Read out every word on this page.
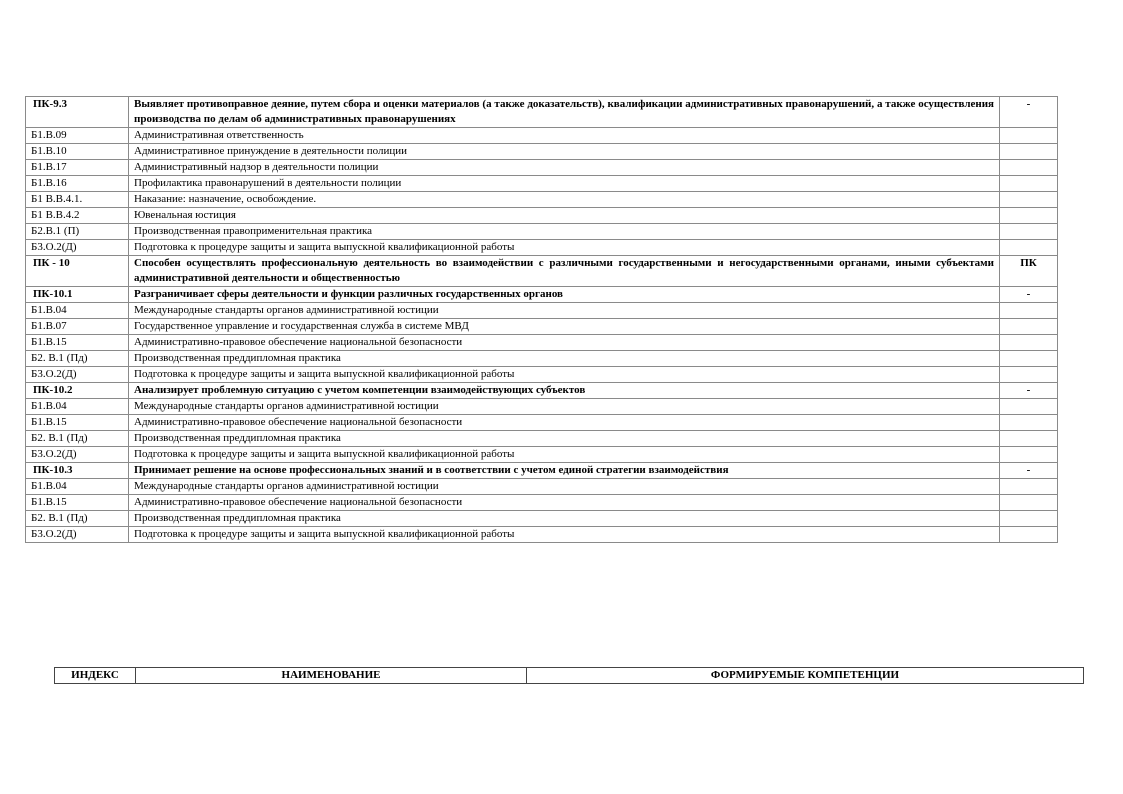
ПК-9.3	Выявляет противоправное деяние, путем сбора и оценки материалов (а также доказательств), квалификации административных правонарушений, а также осуществления производства по делам об административных правонарушениях	-
Б1.В.09	Административная ответственность	
Б1.В.10	Административное принуждение в деятельности полиции	
Б1.В.17	Административный надзор в деятельности полиции	
Б1.В.16	Профилактика правонарушений в деятельности полиции	
Б1 В.В.4.1.	Наказание: назначение, освобождение.	
Б1 В.В.4.2	Ювенальная юстиция	
Б2.В.1 (П)	Производственная правоприменительная практика	
Б3.О.2(Д)	Подготовка к процедуре защиты и защита выпускной квалификационной работы	
ПК - 10	Способен осуществлять профессиональную деятельность во взаимодействии с различными государственными и негосударственными органами, иными субъектами административной деятельности и общественностью	ПК
ПК-10.1	Разграничивает сферы деятельности и функции различных государственных органов	-
Б1.В.04	Международные стандарты органов административной юстиции	
Б1.В.07	Государственное управление и государственная служба в системе МВД	
Б1.В.15	Административно-правовое обеспечение национальной безопасности	
Б2. В.1 (Пд)	Производственная преддипломная практика	
Б3.О.2(Д)	Подготовка к процедуре защиты и защита выпускной квалификационной работы	
ПК-10.2	Анализирует проблемную ситуацию с учетом компетенции взаимодействующих субъектов	-
Б1.В.04	Международные стандарты органов административной юстиции	
Б1.В.15	Административно-правовое обеспечение национальной безопасности	
Б2. В.1 (Пд)	Производственная преддипломная практика	
Б3.О.2(Д)	Подготовка к процедуре защиты и защита выпускной квалификационной работы	
ПК-10.3	Принимает решение на основе профессиональных знаний и в соответствии с учетом единой стратегии взаимодействия	-
Б1.В.04	Международные стандарты органов административной юстиции	
Б1.В.15	Административно-правовое обеспечение национальной безопасности	
Б2. В.1 (Пд)	Производственная преддипломная практика	
Б3.О.2(Д)	Подготовка к процедуре защиты и защита выпускной квалификационной работы	
ИНДЕКС	НАИМЕНОВАНИЕ	ФОРМИРУЕМЫЕ КОМПЕТЕНЦИИ
